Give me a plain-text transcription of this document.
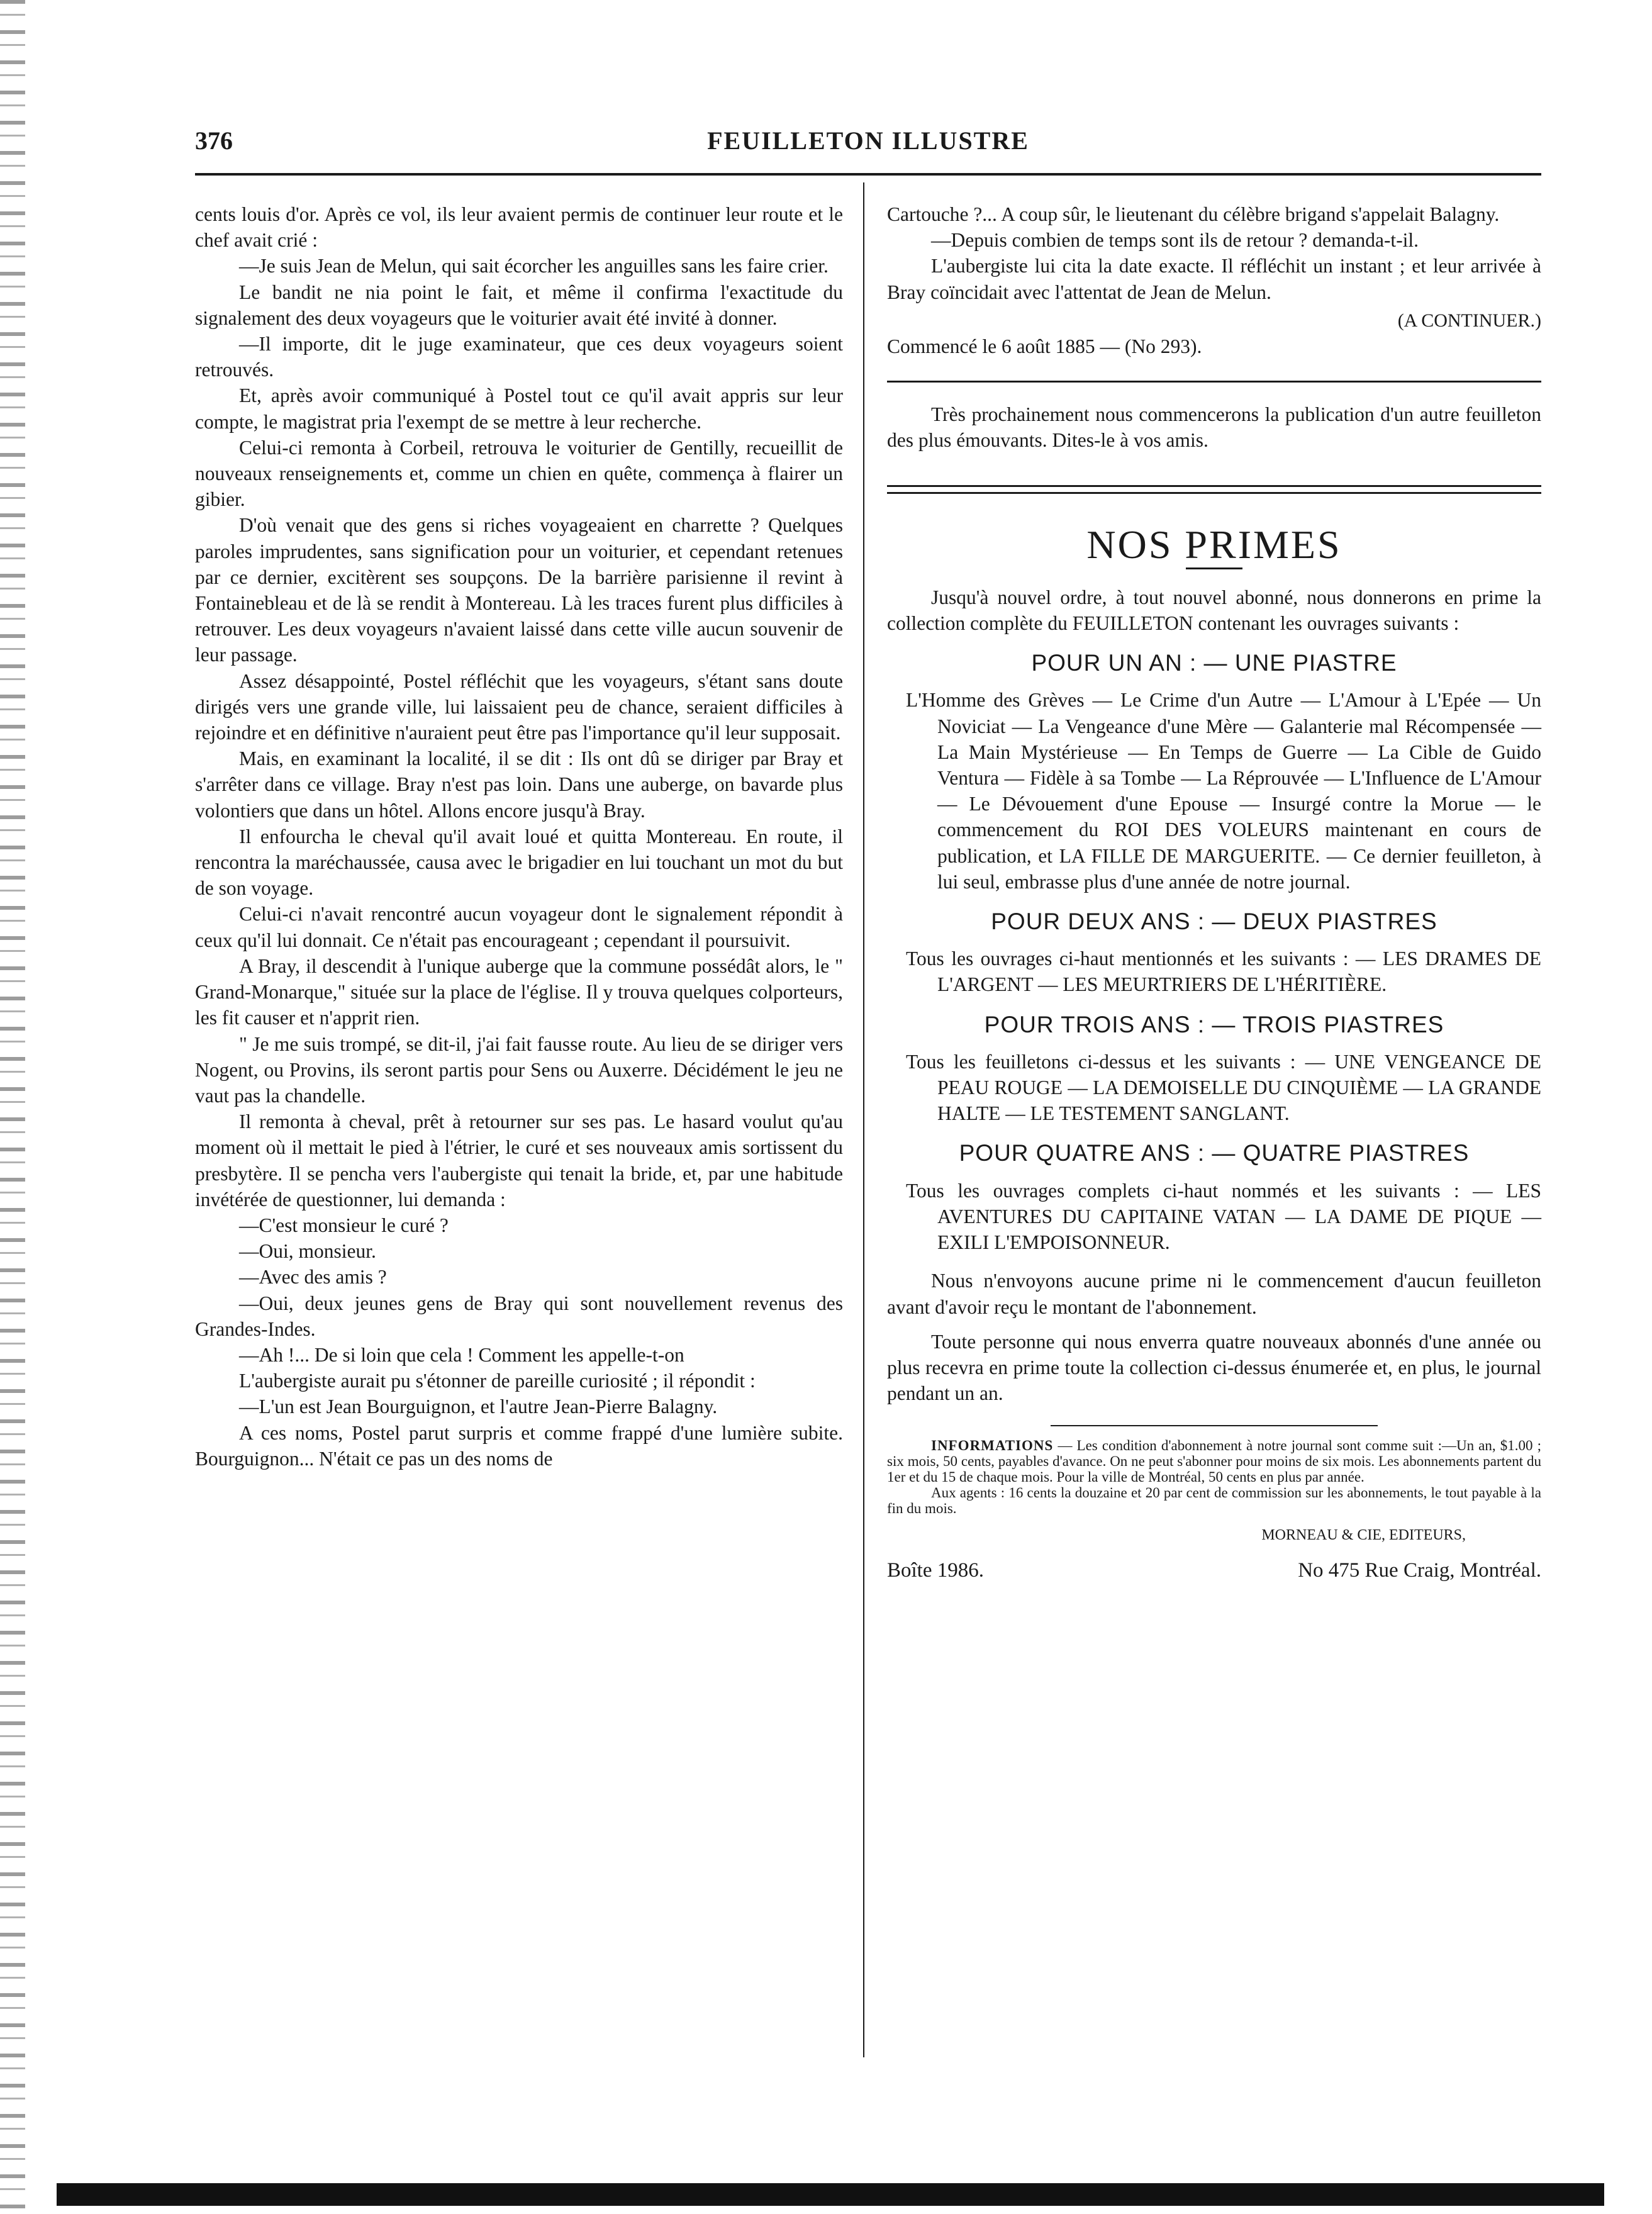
FEUILLETON ILLUSTRE
376

cents louis d'or. Après ce vol, ils leur avaient permis de continuer leur route et le chef avait crié :

—Je suis Jean de Melun, qui sait écorcher les anguilles sans les faire crier.

Le bandit ne nia point le fait, et même il confirma l'exactitude du signalement des deux voyageurs que le voiturier avait été invité à donner.

—Il importe, dit le juge examinateur, que ces deux voyageurs soient retrouvés.

Et, après avoir communiqué à Postel tout ce qu'il avait appris sur leur compte, le magistrat pria l'exempt de se mettre à leur recherche.

Celui-ci remonta à Corbeil, retrouva le voiturier de Gentilly, recueillit de nouveaux renseignements et, comme un chien en quête, commença à flairer un gibier.

D'où venait que des gens si riches voyageaient en charrette ? Quelques paroles imprudentes, sans signification pour un voiturier, et cependant retenues par ce dernier, excitèrent ses soupçons. De la barrière parisienne il revint à Fontainebleau et de là se rendit à Montereau. Là les traces furent plus difficiles à retrouver. Les deux voyageurs n'avaient laissé dans cette ville aucun souvenir de leur passage.

Assez désappointé, Postel réfléchit que les voyageurs, s'étant sans doute dirigés vers une grande ville, lui laissaient peu de chance, seraient difficiles à rejoindre et en définitive n'auraient peut être pas l'importance qu'il leur supposait.

Mais, en examinant la localité, il se dit : Ils ont dû se diriger par Bray et s'arrêter dans ce village. Bray n'est pas loin. Dans une auberge, on bavarde plus volontiers que dans un hôtel. Allons encore jusqu'à Bray.

Il enfourcha le cheval qu'il avait loué et quitta Montereau. En route, il rencontra la maréchaussée, causa avec le brigadier en lui touchant un mot du but de son voyage.

Celui-ci n'avait rencontré aucun voyageur dont le signalement répondit à ceux qu'il lui donnait. Ce n'était pas encourageant ; cependant il poursuivit.

A Bray, il descendit à l'unique auberge que la commune possédât alors, le " Grand-Monarque," située sur la place de l'église. Il y trouva quelques colporteurs, les fit causer et n'apprit rien.

" Je me suis trompé, se dit-il, j'ai fait fausse route. Au lieu de se diriger vers Nogent, ou Provins, ils seront partis pour Sens ou Auxerre. Décidément le jeu ne vaut pas la chandelle.

Il remonta à cheval, prêt à retourner sur ses pas. Le hasard voulut qu'au moment où il mettait le pied à l'étrier, le curé et ses nouveaux amis sortissent du presbytère. Il se pencha vers l'aubergiste qui tenait la bride, et, par une habitude invétérée de questionner, lui demanda :

—C'est monsieur le curé ?

—Oui, monsieur.

—Avec des amis ?

—Oui, deux jeunes gens de Bray qui sont nouvellement revenus des Grandes-Indes.

—Ah !... De si loin que cela ! Comment les appelle-t-on

L'aubergiste aurait pu s'étonner de pareille curiosité ; il répondit :

—L'un est Jean Bourguignon, et l'autre Jean-Pierre Balagny.

A ces noms, Postel parut surpris et comme frappé d'une lumière subite. Bourguignon... N'était ce pas un des noms de

Cartouche ?... A coup sûr, le lieutenant du célèbre brigand s'appelait Balagny.

—Depuis combien de temps sont ils de retour ? demanda-t-il.

L'aubergiste lui cita la date exacte. Il réfléchit un instant ; et leur arrivée à Bray coïncidait avec l'attentat de Jean de Melun.

(A CONTINUER.)

Commencé le 6 août 1885 — (No 293).

Très prochainement nous commencerons la publication d'un autre feuilleton des plus émouvants. Dites-le à vos amis.

NOS PRIMES

Jusqu'à nouvel ordre, à tout nouvel abonné, nous donnerons en prime la collection complète du FEUILLETON contenant les ouvrages suivants :

POUR UN AN : — UNE PIASTRE

L'Homme des Grèves — Le Crime d'un Autre — L'Amour à L'Epée — Un Noviciat — La Vengeance d'une Mère — Galanterie mal Récompensée — La Main Mystérieuse — En Temps de Guerre — La Cible de Guido Ventura — Fidèle à sa Tombe — La Réprouvée — L'Influence de L'Amour — Le Dévouement d'une Epouse — Insurgé contre la Morue — le commencement du ROI DES VOLEURS maintenant en cours de publication, et LA FILLE DE MARGUERITE. — Ce dernier feuilleton, à lui seul, embrasse plus d'une année de notre journal.

POUR DEUX ANS : — DEUX PIASTRES

Tous les ouvrages ci-haut mentionnés et les suivants : — LES DRAMES DE L'ARGENT — LES MEURTRIERS DE L'HÉRITIÈRE.

POUR TROIS ANS : — TROIS PIASTRES

Tous les feuilletons ci-dessus et les suivants : — UNE VENGEANCE DE PEAU ROUGE — LA DEMOISELLE DU CINQUIÈME — LA GRANDE HALTE — LE TESTEMENT SANGLANT.

POUR QUATRE ANS : — QUATRE PIASTRES

Tous les ouvrages complets ci-haut nommés et les suivants : — LES AVENTURES DU CAPITAINE VATAN — LA DAME DE PIQUE — EXILI L'EMPOISONNEUR.

Nous n'envoyons aucune prime ni le commencement d'aucun feuilleton avant d'avoir reçu le montant de l'abonnement.

Toute personne qui nous enverra quatre nouveaux abonnés d'une année ou plus recevra en prime toute la collection ci-dessus énumerée et, en plus, le journal pendant un an.

INFORMATIONS — Les condition d'abonnement à notre journal sont comme suit :—Un an, $1.00 ; six mois, 50 cents, payables d'avance. On ne peut s'abonner pour moins de six mois. Les abonnements partent du 1er et du 15 de chaque mois. Pour la ville de Montréal, 50 cents en plus par année.

Aux agents : 16 cents la douzaine et 20 par cent de commission sur les abonnements, le tout payable à la fin du mois.

MORNEAU & CIE, EDITEURS,
Boîte 1986.	No 475 Rue Craig, Montréal.
